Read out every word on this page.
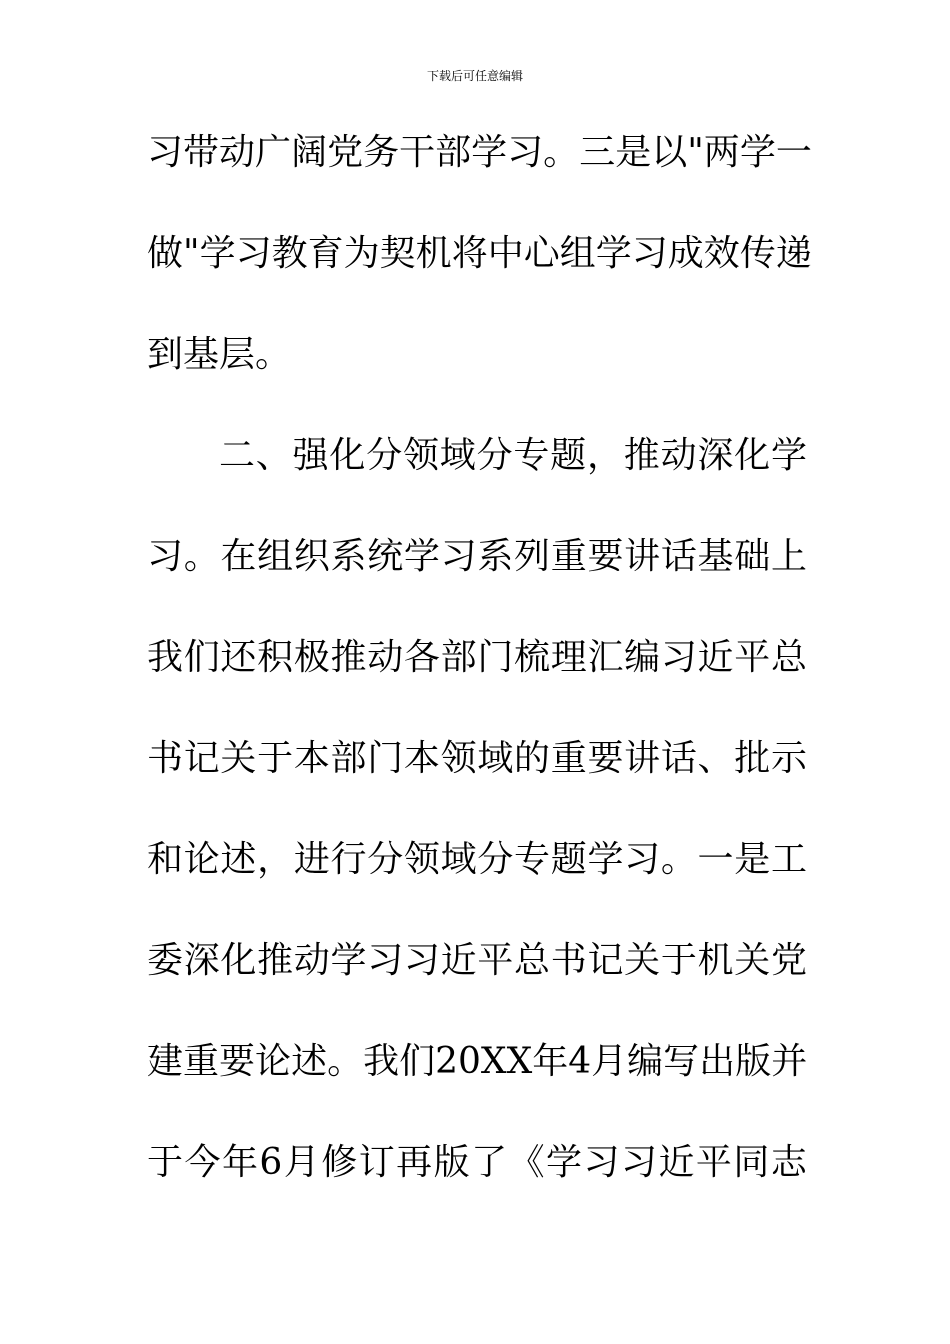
下载后可任意编辑
习 带 动 广 阔 党 务 干 部 学 习 。 三 是 以 " 两 学 一
做 " 学 习 教 育 为 契 机 将 中 心 组 学 习 成 效 传 递
到基层。
二 、 强 化 分 领 域 分 专 题 ， 推 动 深 化 学
习 。 在 组 织 系 统 学 习 系 列 重 要 讲 话 基 础 上
我 们 还 积 极 推 动 各 部 门 梳 理 汇 编 习 近 平 总
书 记 关 于 本 部 门 本 领 域 的 重 要 讲 话 、 批 示
和 论 述 ， 进 行 分 领 域 分 专 题 学 习 。 一 是 工
委 深 化 推 动 学 习 习 近 平 总 书 记 关 于 机 关 党
建 重 要 论 述 。 我 们 20XX 年 4 月 编 写 出 版 并
于 今 年 6 月 修 订 再 版 了 《 学 习 习 近 平 同 志
